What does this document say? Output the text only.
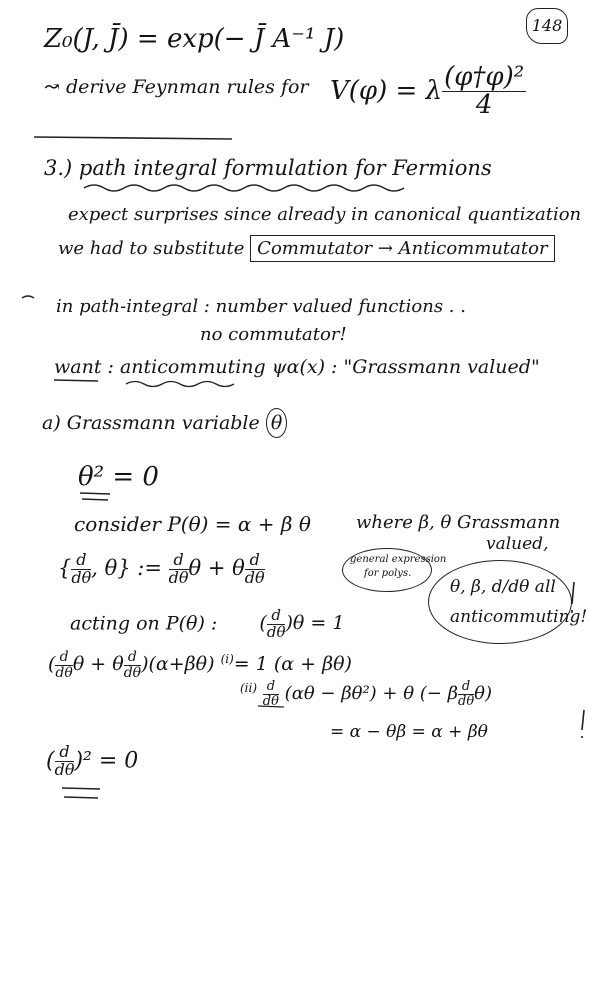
148
Z₀(J, J̄) = exp(− J̄ A⁻¹ J)
↝ derive Feynman rules for V(φ) = λ $\frac{\text{(φ†φ)²}}{4}$
3.) path integral formulation for Fermions
expect surprises since already in canonical quantization
we had to substitute Commutator → Anticommutator
in path-integral : number valued functions . .
no commutator!
want : anticommuting ψα(x) : "Grassmann valued"
a) Grassmann variable θ
θ² = 0
consider P(θ) = α + β θ	where β, θ Grassmann
valued,
{ $\frac{d}{d\theta}$ , θ} := $\frac{d}{d\theta}$ θ + θ $\frac{d}{d\theta}$	general expression
for polys.
θ, β, d/dθ all
anticommuting!
acting on P(θ) : ( $\frac{d}{d\theta} )\theta = 1$
( $\frac{d}{d\theta}$ θ + θ $\frac{d}{d\theta} )(\alpha+\beta\theta)$ $^{(i)}$= 1 (α + βθ)
$^{(ii)} \frac{d}{d\theta} (\alpha\theta - \beta\theta^2) + \theta$ (− β $\frac{d}{d\theta} \theta$)
= α − θβ = α + βθ
( $\frac{d}{d\theta} )^2 = 0$
